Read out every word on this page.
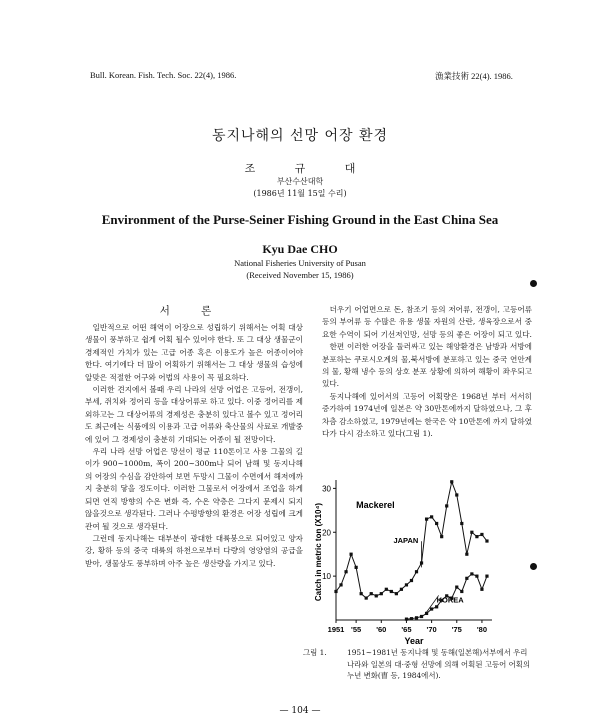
Bull. Korean. Fish. Tech. Soc. 22(4), 1986.	漁業技術 22(4). 1986.
동지나해의 선망 어장 환경
조 규 대
부산수산대학
(1986년 11월 15일 수리)
Environment of the Purse-Seiner Fishing Ground in the East China Sea
Kyu Dae CHO
National Fisheries University of Pusan
(Received November 15, 1986)
서 론

일반적으로 어떤 해역이 어장으로 성립하기 위해서는 어획 대상 생물이 풍부하고 쉽게 어획 될수 있어야 한다. 또 그 대상 생물군이 경제적인 가치가 있는 고급 어종 혹은 이용도가 높은 어종이어야 한다. 여기에다 더 많이 어획하기 위해서는 그 대상 생물의 습성에 알맞은 적절한 어구와 어법의 사용이 꼭 필요하다.

이러한 견지에서 볼때 우리 나라의 선망 어업은 고등어, 전갱이, 부세, 쥐치와 정어리 등을 대상어류로 하고 있다. 이중 정어리를 제외하고는 그 대상어류의 경제성은 충분히 있다고 볼수 있고 정어리도 최근에는 식품에의 이용과 고급 어류와 축산물의 사료로 개발중에 있어 그 경제성이 충분히 기대되는 어종이 될 전망이다.

우리 나라 선망 어업은 망선이 평균 110톤이고 사용 그물의 길이가 900~1000m, 폭이 200~300m나 되어 남해 및 동지나해의 어장의 수심을 감안하여 보면 두망시 그물이 수면에서 해저에까지 충분히 닿을 정도이다. 이러한 그물로서 어장에서 조업을 하게되면 연직 방향의 수온 변화 즉, 수온 약층은 그다지 문제시 되지 않을것으로 생각된다. 그러나 수평방향의 환경은 어장 성립에 크게 관여 될 것으로 생각된다.

그런데 동지나해는 대부분이 광대한 대륙붕으로 되어있고 양자강, 황하 등의 중국 대륙의 하천으로부터 다량의 영양염의 공급을 받아, 생물상도 풍부하며 아주 높은 생산량을 가지고 있다.

더우기 어업면으로 돈, 참조기 등의 저어류, 전갱이, 고등어류 등의 부어류 등 수많은 유용 생물 자원의 산란, 생육장으로서 중요한 수역이 되어 기선저인망, 선망 등의 좋은 어장이 되고 있다.

한편 이러한 어장을 둘러싸고 있는 해양환경은 남방과 서방에 분포하는 쿠로시오계의 물,북서방에 분포하고 있는 중국 연안계의 물, 황해 냉수 등의 상호 분포 상황에 의하여 해황이 좌우되고 있다.

동지나해에 있어서의 고등어 어획량은 1968년 부터 서서히 증가하여 1974년에 일본은 약 30만톤에까지 달하였으나, 그 후 차츰 감소하였고, 1979년에는 한국은 약 10만톤에 까지 달하였다가 다시 감소하고 있다(그림 1).

10
20
30
1951 '55 '60 '65 '70 '75 '80
Year
Catch in metric ton (X10⁴)	Mackerel
JAPAN
KOREA
그림 1.	1951~1981년 동지나해 및 동해(일본해)서부에서 우리 나라와 일본의 대·중형 선망에 의해 어획된 고등어 어획의 누년 변화(曺 등, 1984에서).
— 104 —
